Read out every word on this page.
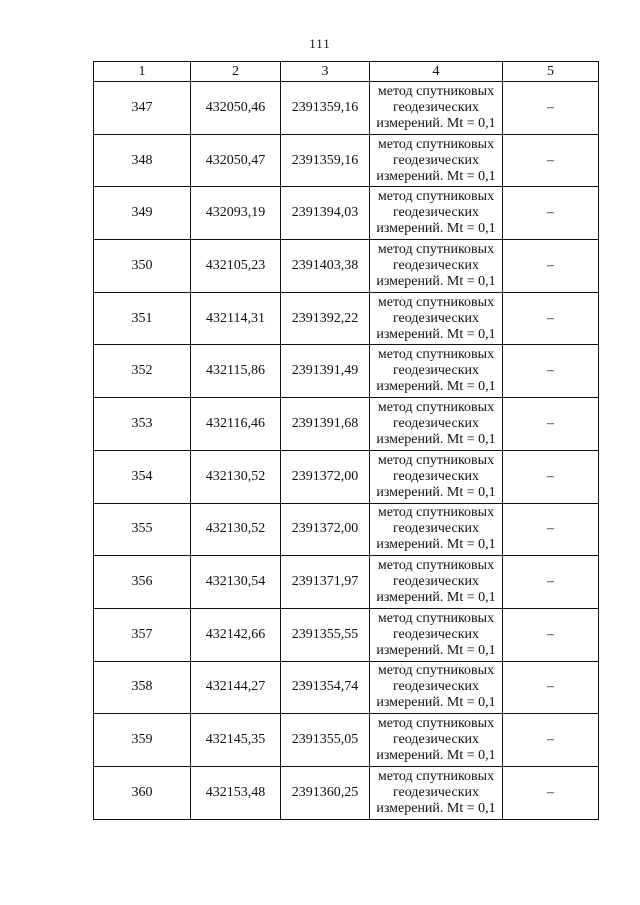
111
1	2	3	4	5
347	432050,46	2391359,16	метод спутниковых
геодезических
измерений. Mt = 0,1	–
348	432050,47	2391359,16	метод спутниковых
геодезических
измерений. Mt = 0,1	–
349	432093,19	2391394,03	метод спутниковых
геодезических
измерений. Mt = 0,1	–
350	432105,23	2391403,38	метод спутниковых
геодезических
измерений. Mt = 0,1	–
351	432114,31	2391392,22	метод спутниковых
геодезических
измерений. Mt = 0,1	–
352	432115,86	2391391,49	метод спутниковых
геодезических
измерений. Mt = 0,1	–
353	432116,46	2391391,68	метод спутниковых
геодезических
измерений. Mt = 0,1	–
354	432130,52	2391372,00	метод спутниковых
геодезических
измерений. Mt = 0,1	–
355	432130,52	2391372,00	метод спутниковых
геодезических
измерений. Mt = 0,1	–
356	432130,54	2391371,97	метод спутниковых
геодезических
измерений. Mt = 0,1	–
357	432142,66	2391355,55	метод спутниковых
геодезических
измерений. Mt = 0,1	–
358	432144,27	2391354,74	метод спутниковых
геодезических
измерений. Mt = 0,1	–
359	432145,35	2391355,05	метод спутниковых
геодезических
измерений. Mt = 0,1	–
360	432153,48	2391360,25	метод спутниковых
геодезических
измерений. Mt = 0,1	–
